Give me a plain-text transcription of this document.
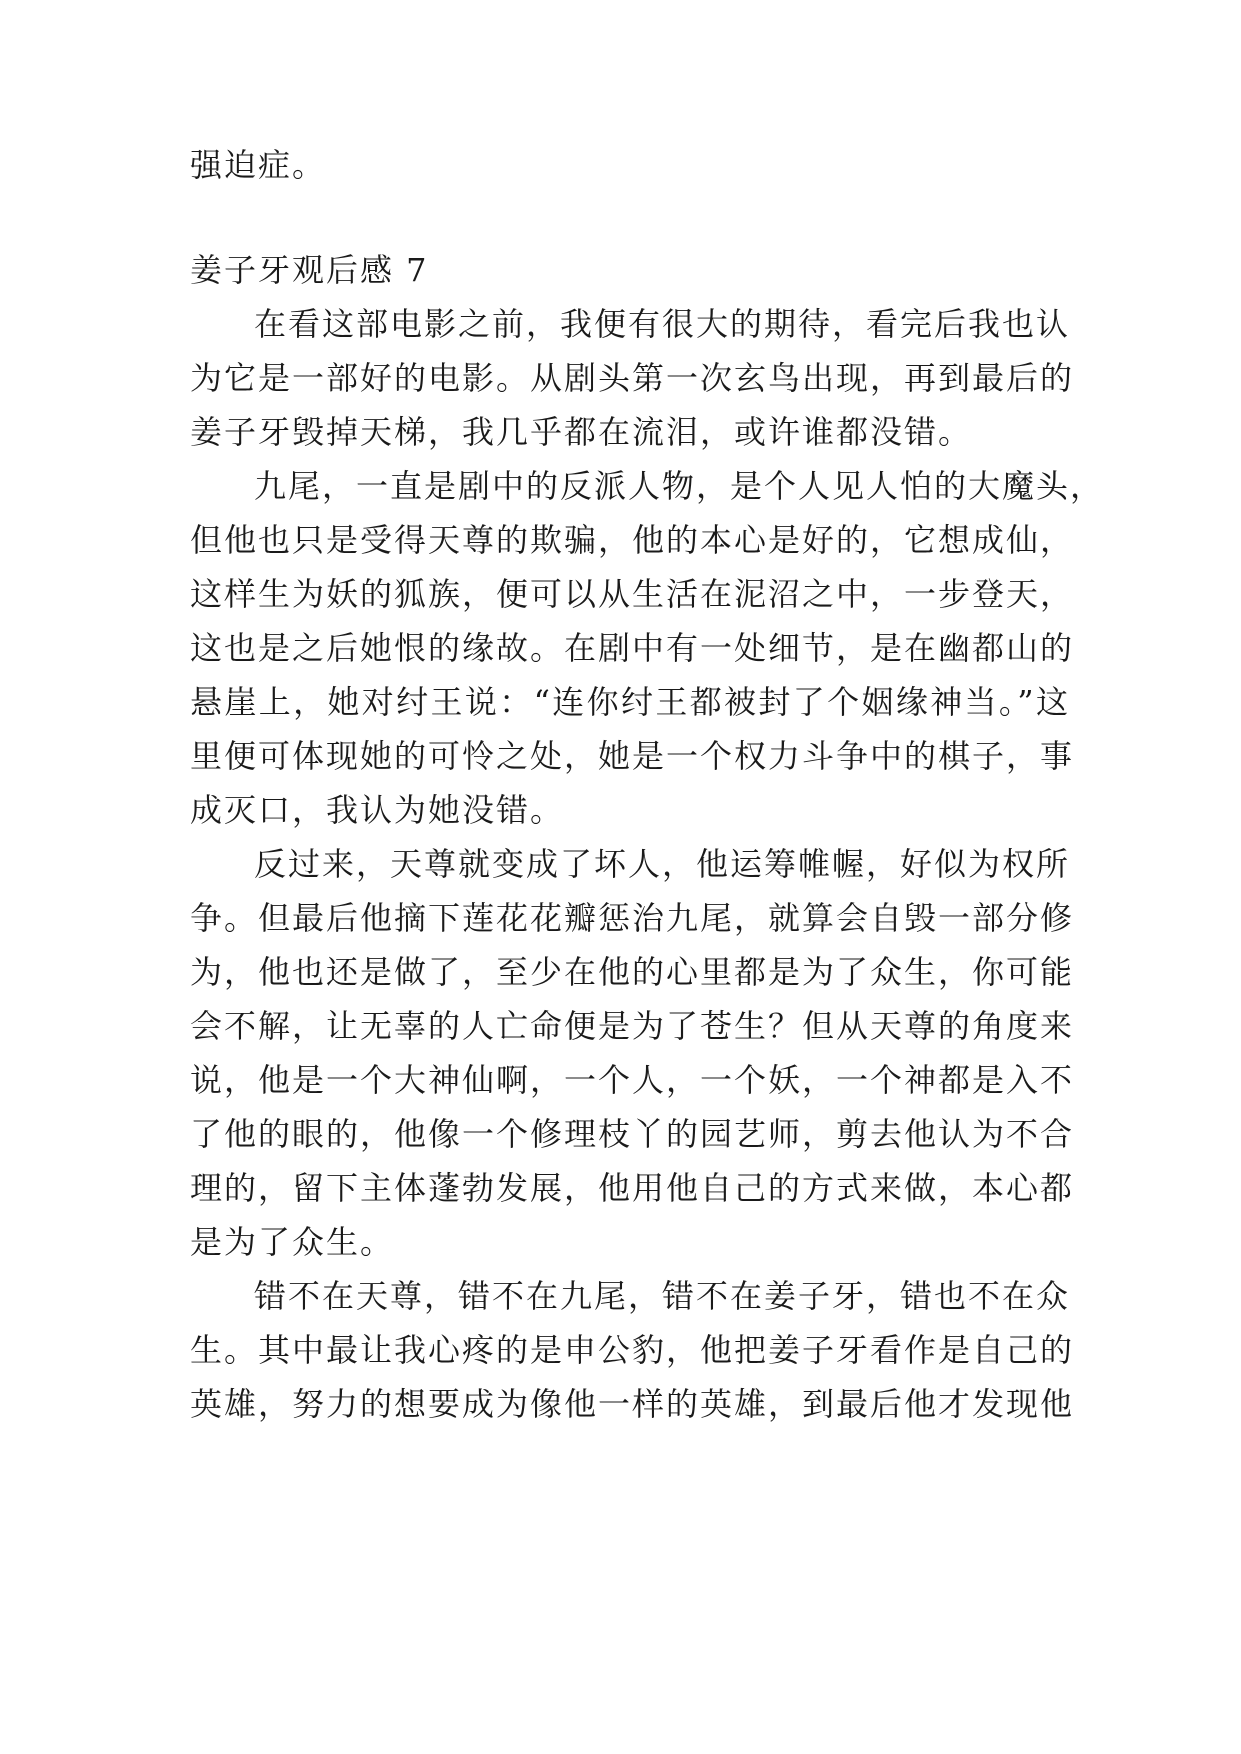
强迫症。
姜子牙观后感 7
在看这部电影之前，我便有很大的期待，看完后我也认
为它是一部好的电影。从剧头第一次玄鸟出现，再到最后的
姜子牙毁掉天梯，我几乎都在流泪，或许谁都没错。
九尾，一直是剧中的反派人物，是个人见人怕的大魔头，
但他也只是受得天尊的欺骗，他的本心是好的，它想成仙，
这样生为妖的狐族，便可以从生活在泥沼之中，一步登天，
这也是之后她恨的缘故。在剧中有一处细节，是在幽都山的
悬崖上，她对纣王说：“连你纣王都被封了个姻缘神当。”这
里便可体现她的可怜之处，她是一个权力斗争中的棋子，事
成灭口，我认为她没错。
反过来，天尊就变成了坏人，他运筹帷幄，好似为权所
争。但最后他摘下莲花花瓣惩治九尾，就算会自毁一部分修
为，他也还是做了，至少在他的心里都是为了众生，你可能
会不解，让无辜的人亡命便是为了苍生？但从天尊的角度来
说，他是一个大神仙啊，一个人，一个妖，一个神都是入不
了他的眼的，他像一个修理枝丫的园艺师，剪去他认为不合
理的，留下主体蓬勃发展，他用他自己的方式来做，本心都
是为了众生。
错不在天尊，错不在九尾，错不在姜子牙，错也不在众
生。其中最让我心疼的是申公豹，他把姜子牙看作是自己的
英雄，努力的想要成为像他一样的英雄，到最后他才发现他
